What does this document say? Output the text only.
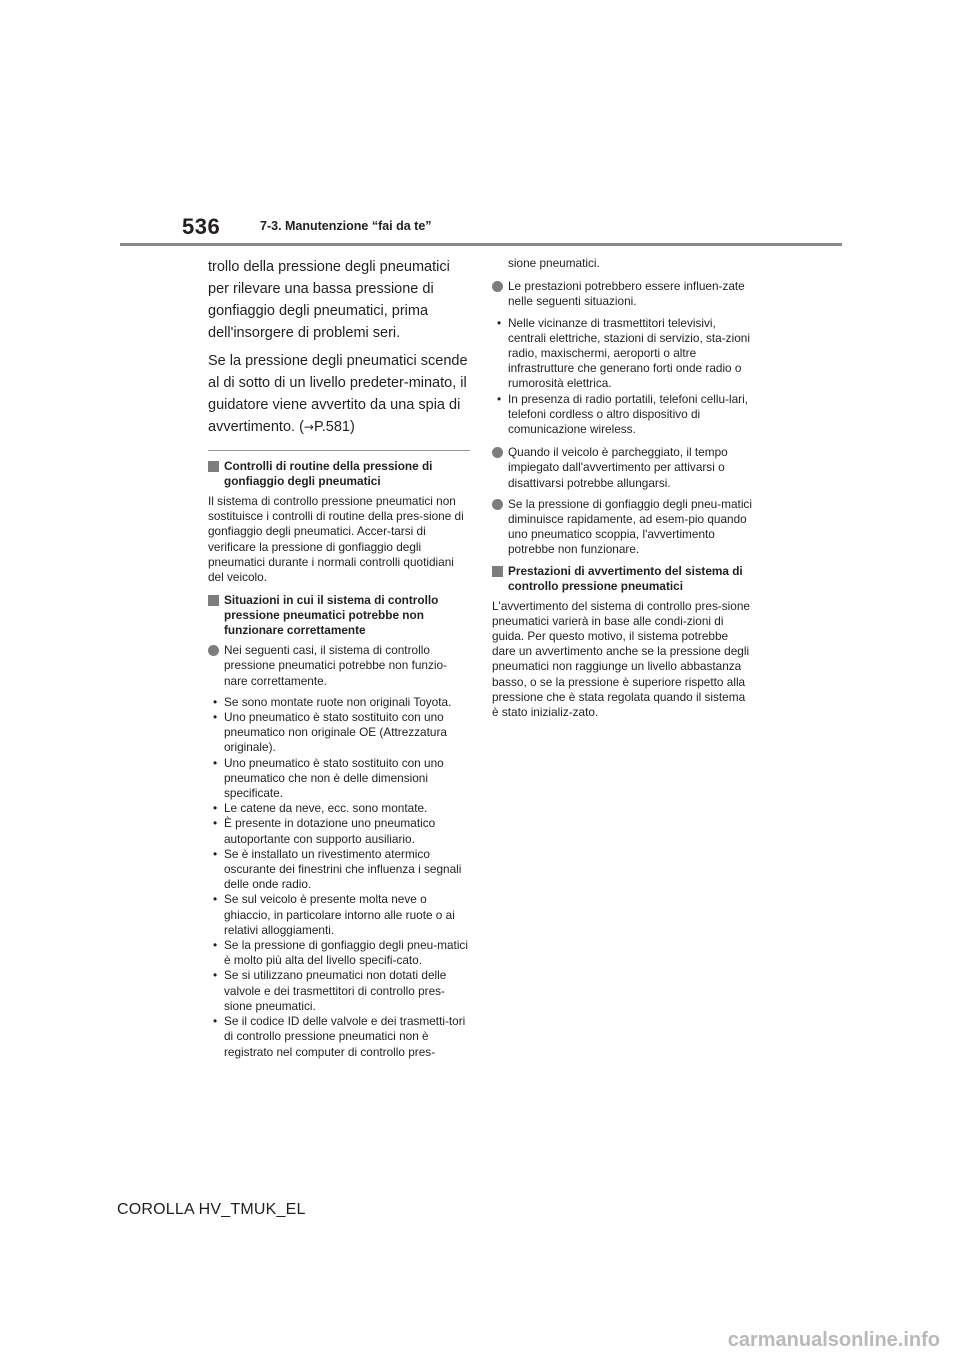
536	7-3. Manutenzione “fai da te”

trollo della pressione degli pneumatici per rilevare una bassa pressione di gonfiaggio degli pneumatici, prima dell'insorgere di problemi seri.

Se la pressione degli pneumatici scende al di sotto di un livello predeter-minato, il guidatore viene avvertito da una spia di avvertimento. (→P.581)

Controlli di routine della pressione di gonfiaggio degli pneumatici

Il sistema di controllo pressione pneumatici non sostituisce i controlli di routine della pres-sione di gonfiaggio degli pneumatici. Accer-tarsi di verificare la pressione di gonfiaggio degli pneumatici durante i normali controlli quotidiani del veicolo.

Situazioni in cui il sistema di controllo pressione pneumatici potrebbe non funzionare correttamente

Nei seguenti casi, il sistema di controllo pressione pneumatici potrebbe non funzio-nare correttamente.

• Se sono montate ruote non originali Toyota.
• Uno pneumatico è stato sostituito con uno pneumatico non originale OE (Attrezzatura originale).
• Uno pneumatico è stato sostituito con uno pneumatico che non è delle dimensioni specificate.
• Le catene da neve, ecc. sono montate.
• È presente in dotazione uno pneumatico autoportante con supporto ausiliario.
• Se è installato un rivestimento atermico oscurante dei finestrini che influenza i segnali delle onde radio.
• Se sul veicolo è presente molta neve o ghiaccio, in particolare intorno alle ruote o ai relativi alloggiamenti.
• Se la pressione di gonfiaggio degli pneu-matici è molto più alta del livello specifi-cato.
• Se si utilizzano pneumatici non dotati delle valvole e dei trasmettitori di controllo pres-sione pneumatici.
• Se il codice ID delle valvole e dei trasmetti-tori di controllo pressione pneumatici non è registrato nel computer di controllo pres-

sione pneumatici.

Le prestazioni potrebbero essere influen-zate nelle seguenti situazioni.

• Nelle vicinanze di trasmettitori televisivi, centrali elettriche, stazioni di servizio, sta-zioni radio, maxischermi, aeroporti o altre infrastrutture che generano forti onde radio o rumorosità elettrica.
• In presenza di radio portatili, telefoni cellu-lari, telefoni cordless o altro dispositivo di comunicazione wireless.

Quando il veicolo è parcheggiato, il tempo impiegato dall'avvertimento per attivarsi o disattivarsi potrebbe allungarsi.

Se la pressione di gonfiaggio degli pneu-matici diminuisce rapidamente, ad esem-pio quando uno pneumatico scoppia, l'avvertimento potrebbe non funzionare.

Prestazioni di avvertimento del sistema di controllo pressione pneumatici

L'avvertimento del sistema di controllo pres-sione pneumatici varierà in base alle condi-zioni di guida. Per questo motivo, il sistema potrebbe dare un avvertimento anche se la pressione degli pneumatici non raggiunge un livello abbastanza basso, o se la pressione è superiore rispetto alla pressione che è stata regolata quando il sistema è stato inizializ-zato.

COROLLA HV_TMUK_EL
carmanualsonline.info
